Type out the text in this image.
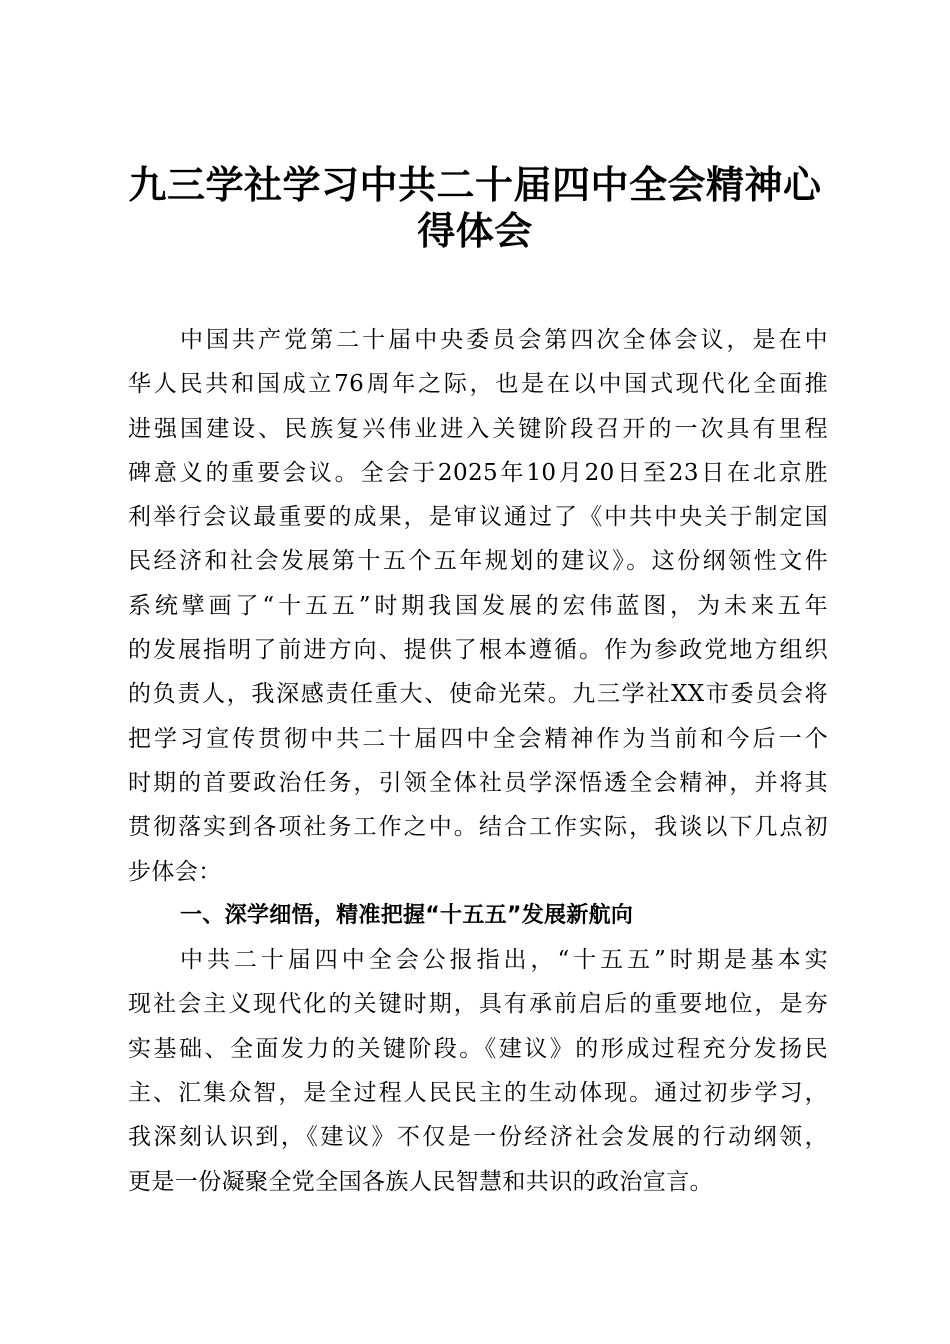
九三学社学习中共二十届四中全会精神心
得体会
中国共产党第二十届中央委员会第四次全体会议，是在中
华人民共和国成立76周年之际，也是在以中国式现代化全面推
进强国建设、民族复兴伟业进入关键阶段召开的一次具有里程
碑意义的重要会议。全会于2025年10月20日至23日在北京胜
利举行会议最重要的成果，是审议通过了《中共中央关于制定国
民经济和社会发展第十五个五年规划的建议》。这份纲领性文件
系统擘画了“十五五”时期我国发展的宏伟蓝图，为未来五年
的发展指明了前进方向、提供了根本遵循。作为参政党地方组织
的负责人，我深感责任重大、使命光荣。九三学社XX市委员会将
把学习宣传贯彻中共二十届四中全会精神作为当前和今后一个
时期的首要政治任务，引领全体社员学深悟透全会精神，并将其
贯彻落实到各项社务工作之中。结合工作实际，我谈以下几点初
步体会：
一、深学细悟，精准把握“十五五”发展新航向
中共二十届四中全会公报指出，“十五五”时期是基本实
现社会主义现代化的关键时期，具有承前启后的重要地位，是夯
实基础、全面发力的关键阶段。《建议》的形成过程充分发扬民
主、汇集众智，是全过程人民民主的生动体现。通过初步学习，
我深刻认识到，《建议》不仅是一份经济社会发展的行动纲领，
更是一份凝聚全党全国各族人民智慧和共识的政治宣言。
